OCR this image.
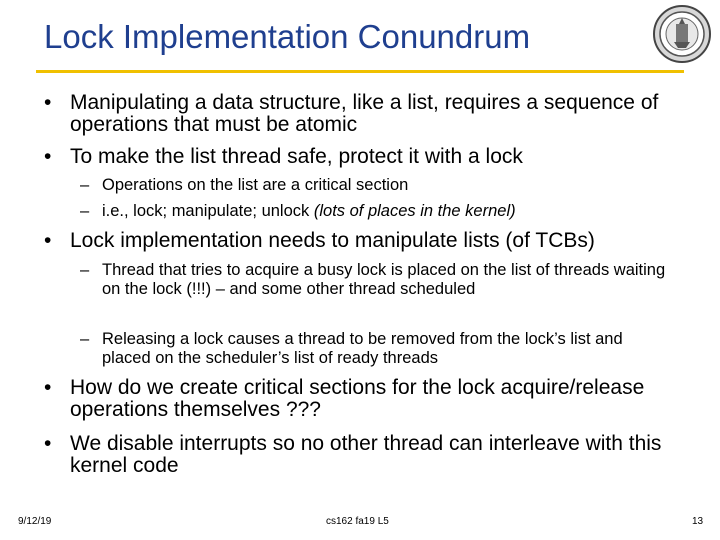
Lock Implementation Conundrum
• Manipulating a data structure, like a list, requires a sequence of operations that must be atomic
• To make the list thread safe, protect it with a lock
– Operations on the list are a critical section
– i.e., lock; manipulate; unlock (lots of places in the kernel)
• Lock implementation needs to manipulate lists (of TCBs)
– Thread that tries to acquire a busy lock is placed on the list of threads waiting on the lock (!!!) – and some other thread scheduled
– Releasing a lock causes a thread to be removed from the lock’s list and placed on the scheduler’s list of ready threads
• How do we create critical sections for the lock acquire/release operations themselves ???
• We disable interrupts so no other thread can interleave with this kernel code
9/12/19	cs162 fa19 L5	13
